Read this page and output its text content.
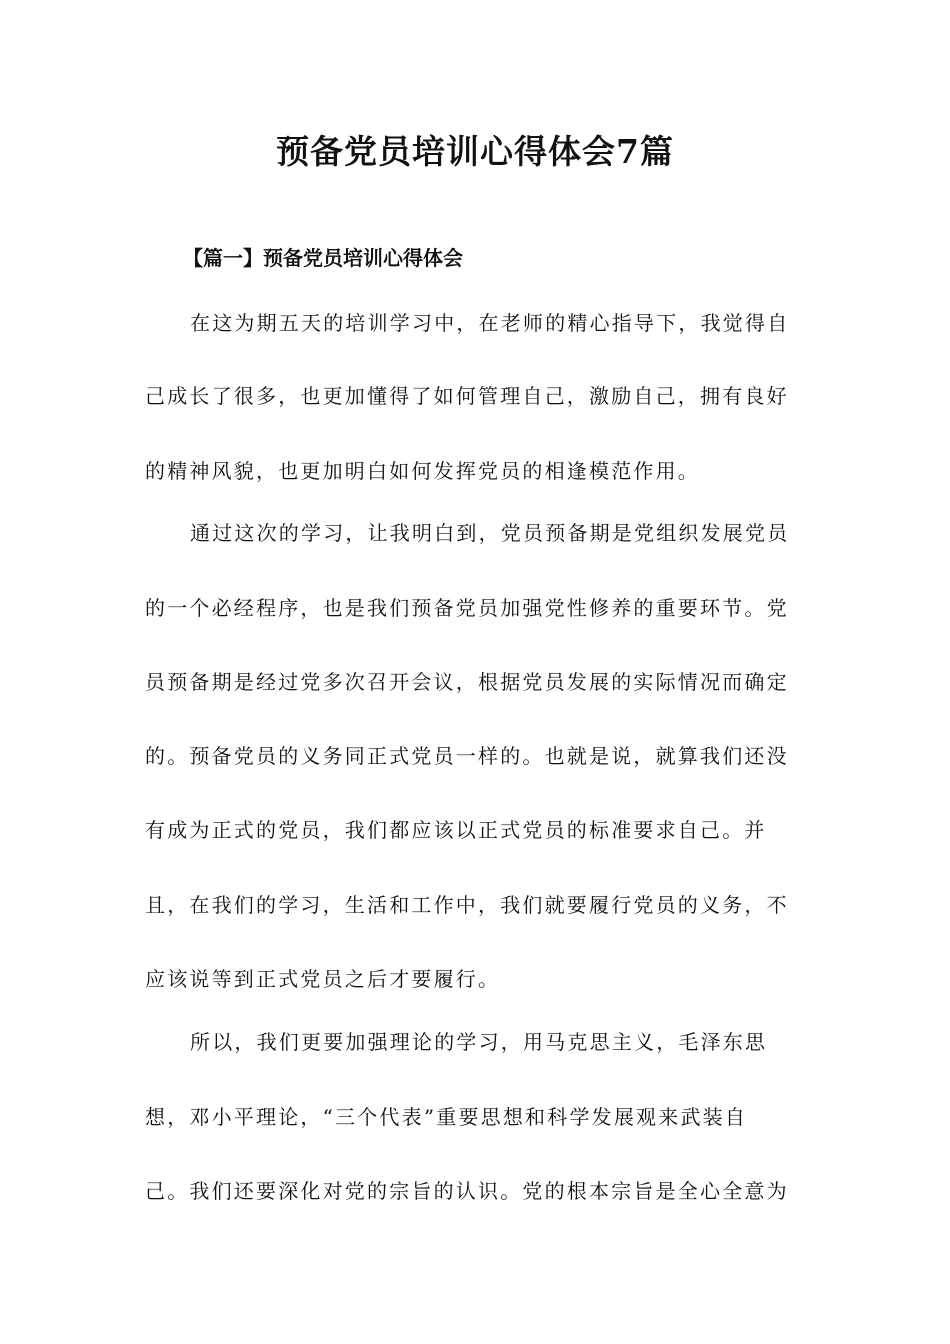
预备党员培训心得体会7篇
【篇一】预备党员培训心得体会
在这为期五天的培训学习中，在老师的精心指导下，我觉得自
己成长了很多，也更加懂得了如何管理自己，激励自己，拥有良好
的精神风貌，也更加明白如何发挥党员的相逢模范作用。
通过这次的学习，让我明白到，党员预备期是党组织发展党员
的一个必经程序，也是我们预备党员加强党性修养的重要环节。党
员预备期是经过党多次召开会议，根据党员发展的实际情况而确定
的。预备党员的义务同正式党员一样的。也就是说，就算我们还没
有成为正式的党员，我们都应该以正式党员的标准要求自己。并
且，在我们的学习，生活和工作中，我们就要履行党员的义务，不
应该说等到正式党员之后才要履行。
所以，我们更要加强理论的学习，用马克思主义，毛泽东思
想，邓小平理论，“三个代表”重要思想和科学发展观来武装自
己。我们还要深化对党的宗旨的认识。党的根本宗旨是全心全意为
